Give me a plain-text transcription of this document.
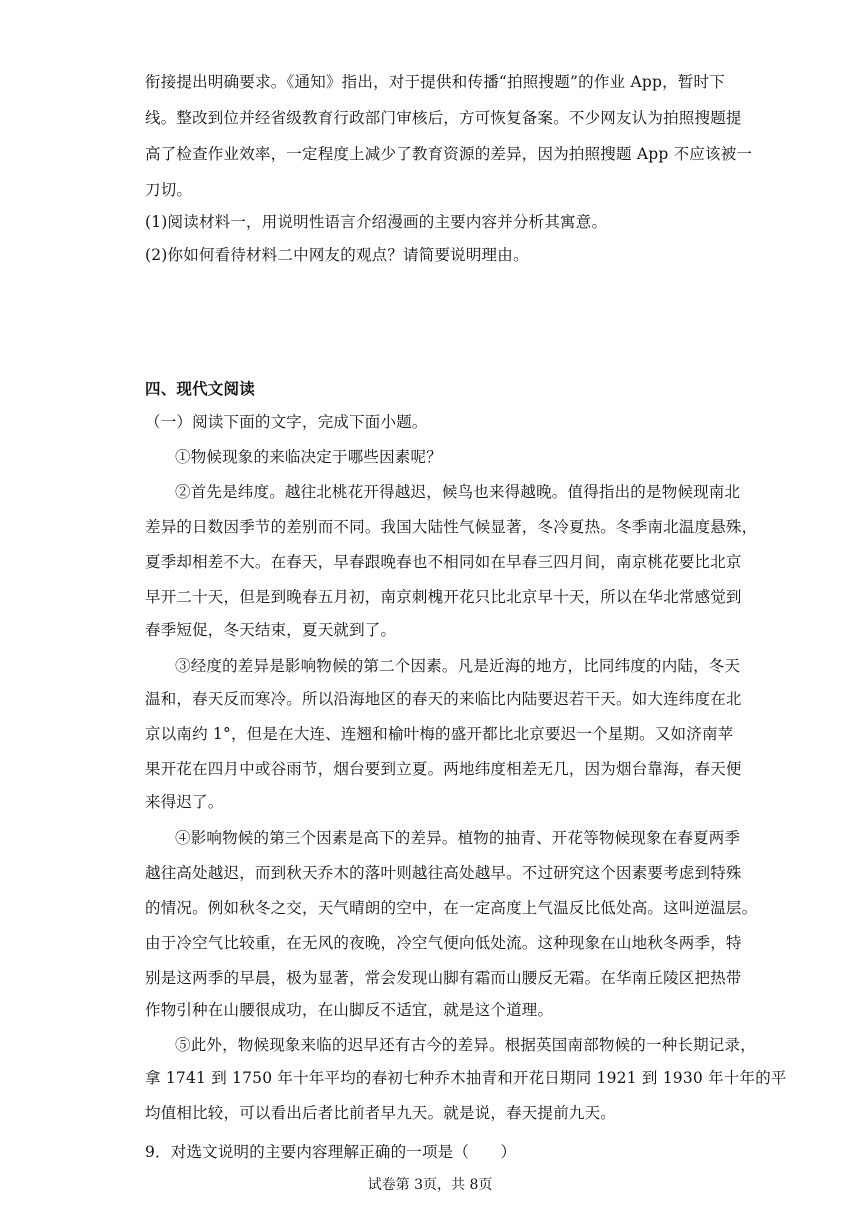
衔接提出明确要求。《通知》指出，对于提供和传播“拍照搜题”的作业 App，暂时下
线。整改到位并经省级教育行政部门审核后，方可恢复备案。不少网友认为拍照搜题提
高了检查作业效率，一定程度上减少了教育资源的差异，因为拍照搜题 App 不应该被一
刀切。
(1)阅读材料一，用说明性语言介绍漫画的主要内容并分析其寓意。
(2)你如何看待材料二中网友的观点？请简要说明理由。
四、现代文阅读
（一）阅读下面的文字，完成下面小题。
①物候现象的来临决定于哪些因素呢？
②首先是纬度。越往北桃花开得越迟，候鸟也来得越晚。值得指出的是物候现南北
差异的日数因季节的差别而不同。我国大陆性气候显著，冬冷夏热。冬季南北温度悬殊，
夏季却相差不大。在春天，早春跟晚春也不相同如在早春三四月间，南京桃花要比北京
早开二十天，但是到晚春五月初，南京刺槐开花只比北京早十天，所以在华北常感觉到
春季短促，冬天结束，夏天就到了。
③经度的差异是影响物候的第二个因素。凡是近海的地方，比同纬度的内陆，冬天
温和，春天反而寒冷。所以沿海地区的春天的来临比内陆要迟若干天。如大连纬度在北
京以南约 1°，但是在大连、连翘和榆叶梅的盛开都比北京要迟一个星期。又如济南苹
果开花在四月中或谷雨节，烟台要到立夏。两地纬度相差无几，因为烟台靠海，春天便
来得迟了。
④影响物候的第三个因素是高下的差异。植物的抽青、开花等物候现象在春夏两季
越往高处越迟，而到秋天乔木的落叶则越往高处越早。不过研究这个因素要考虑到特殊
的情况。例如秋冬之交，天气晴朗的空中，在一定高度上气温反比低处高。这叫逆温层。
由于冷空气比较重，在无风的夜晚，冷空气便向低处流。这种现象在山地秋冬两季，特
别是这两季的早晨，极为显著，常会发现山脚有霜而山腰反无霜。在华南丘陵区把热带
作物引种在山腰很成功，在山脚反不适宜，就是这个道理。
⑤此外，物候现象来临的迟早还有古今的差异。根据英国南部物候的一种长期记录，
拿 1741 到 1750 年十年平均的春初七种乔木抽青和开花日期同 1921 到 1930 年十年的平
均值相比较，可以看出后者比前者早九天。就是说，春天提前九天。
9．对选文说明的主要内容理解正确的一项是（　　）
试卷第 3页，共 8页
